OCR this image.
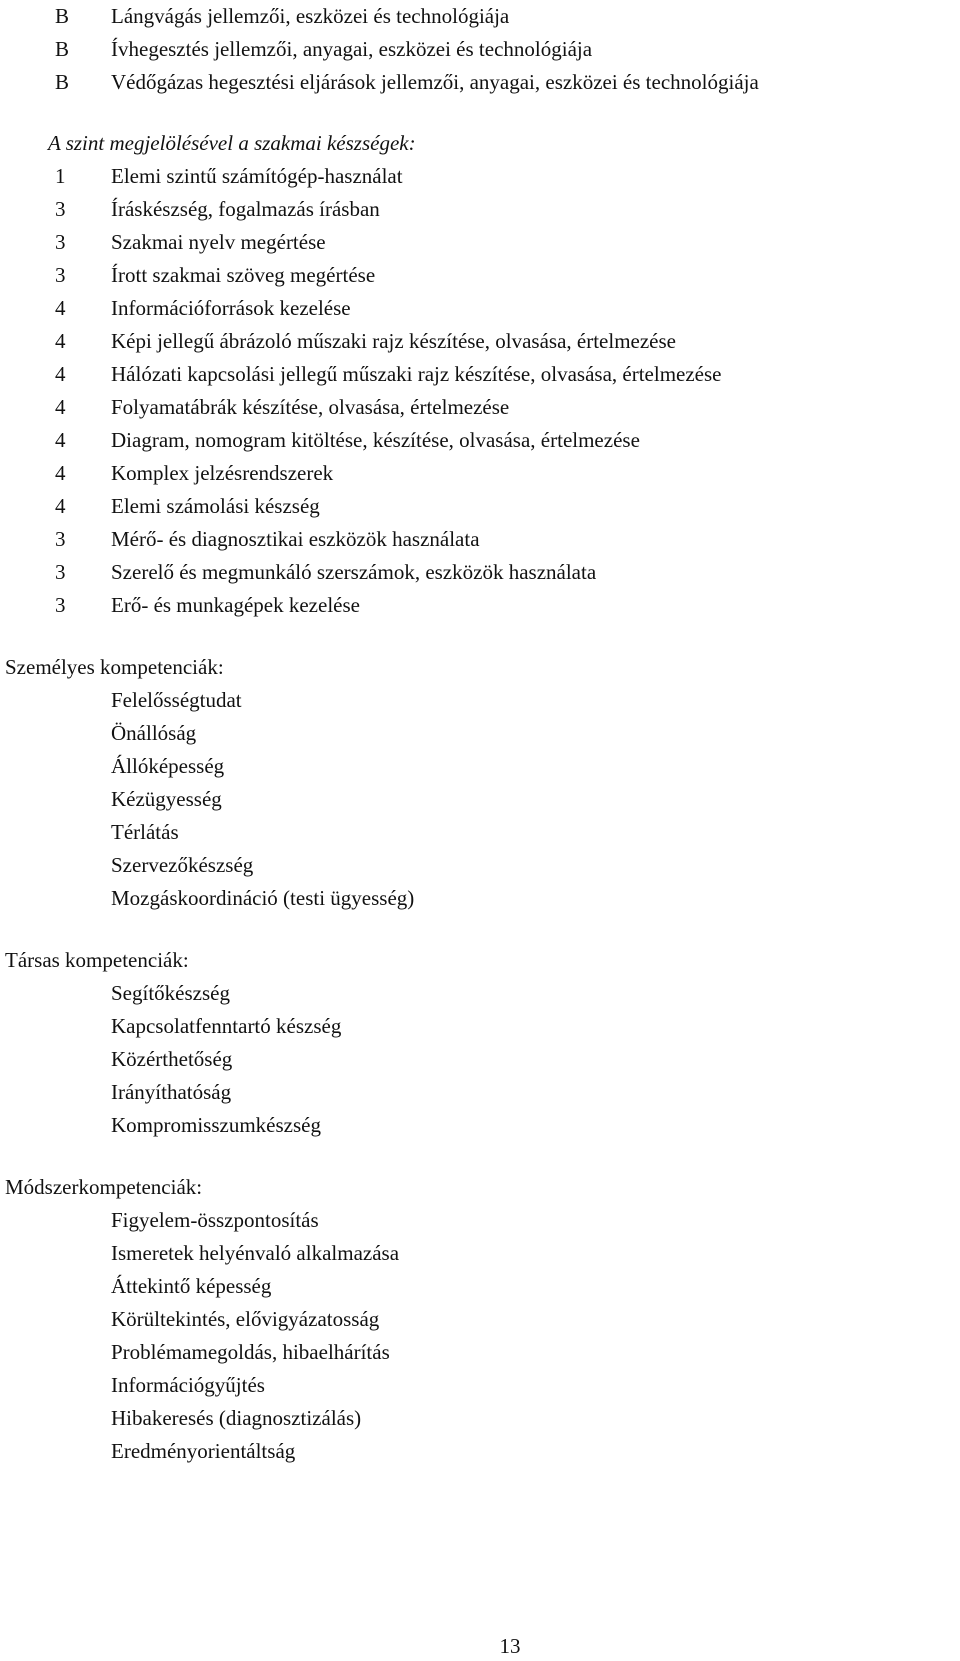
B Lángvágás jellemzői, eszközei és technológiája
B Ívhegesztés jellemzői, anyagai, eszközei és technológiája
B Védőgázas hegesztési eljárások jellemzői, anyagai, eszközei és technológiája
A szint megjelölésével a szakmai készségek:
1 Elemi szintű számítógép-használat
3 Íráskészség, fogalmazás írásban
3 Szakmai nyelv megértése
3 Írott szakmai szöveg megértése
4 Információforrások kezelése
4 Képi jellegű ábrázoló műszaki rajz készítése, olvasása, értelmezése
4 Hálózati kapcsolási jellegű műszaki rajz készítése, olvasása, értelmezése
4 Folyamatábrák készítése, olvasása, értelmezése
4 Diagram, nomogram kitöltése, készítése, olvasása, értelmezése
4 Komplex jelzésrendszerek
4 Elemi számolási készség
3 Mérő- és diagnosztikai eszközök használata
3 Szerelő és megmunkáló szerszámok, eszközök használata
3 Erő- és munkagépek kezelése
Személyes kompetenciák:
Felelősségtudat
Önállóság
Állóképesség
Kézügyesség
Térlátás
Szervezőkészség
Mozgáskoordináció (testi ügyesség)
Társas kompetenciák:
Segítőkészség
Kapcsolatfenntartó készség
Közérthetőség
Irányíthatóság
Kompromisszumkészség
Módszerkompetenciák:
Figyelem-összpontosítás
Ismeretek helyénvaló alkalmazása
Áttekintő képesség
Körültekintés, elővigyázatosság
Problémamegoldás, hibaelhárítás
Információgyűjtés
Hibakeresés (diagnosztizálás)
Eredményorientáltság
13
